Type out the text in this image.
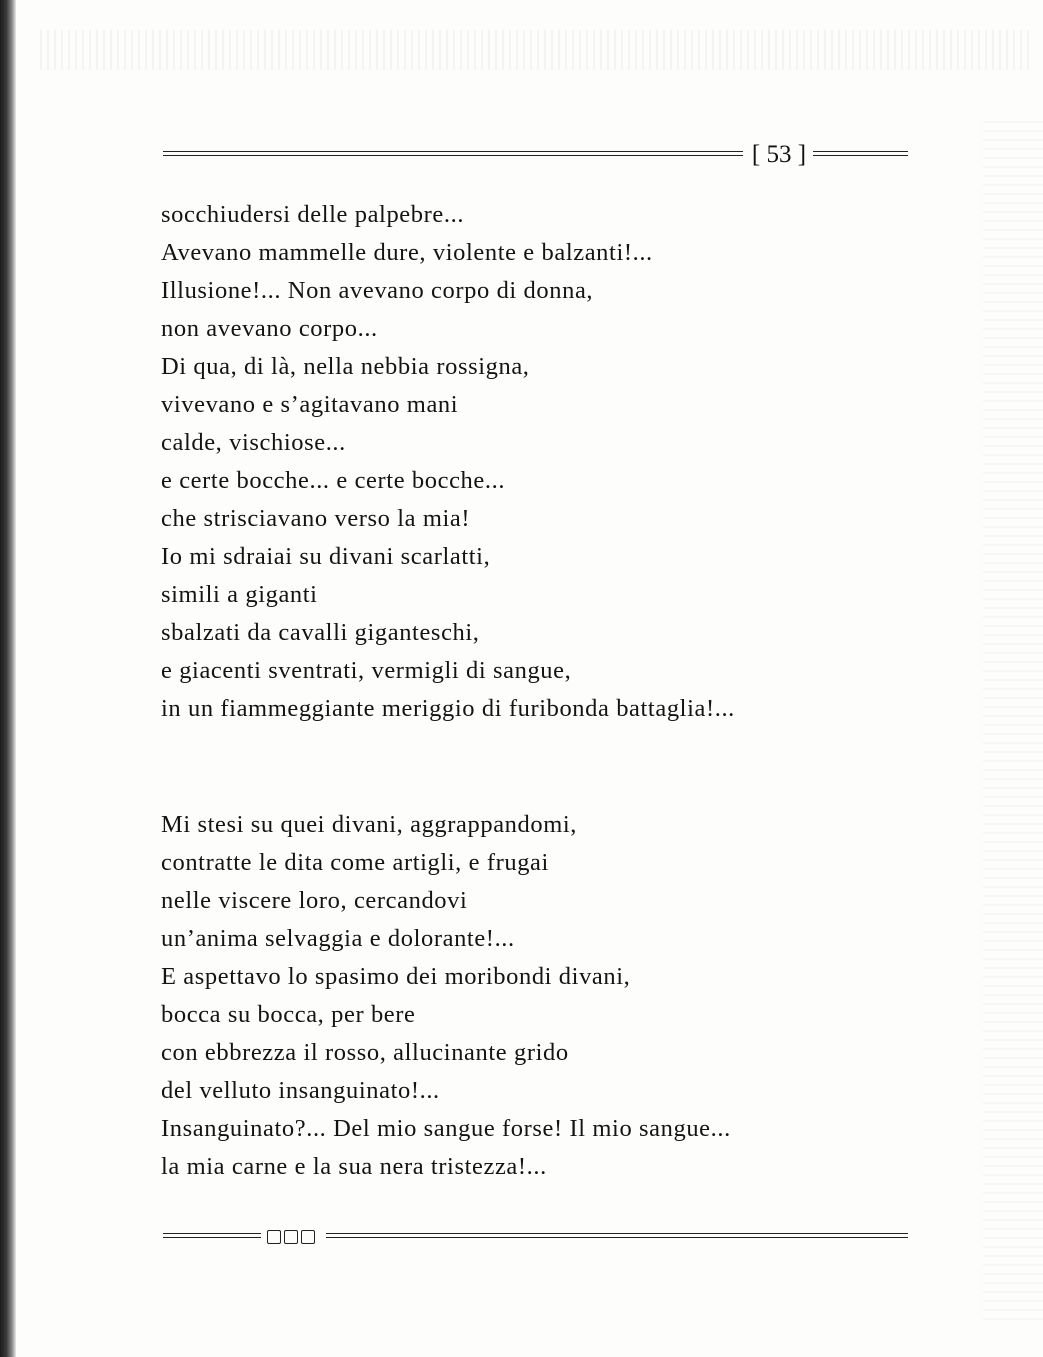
[ 53 ]
socchiudersi delle palpebre...
Avevano mammelle dure, violente e balzanti!...
Illusione!... Non avevano corpo di donna,
non avevano corpo...
Di qua, di là, nella nebbia rossigna,
vivevano e s’agitavano mani
calde, vischiose...
e certe bocche... e certe bocche...
che strisciavano verso la mia!
Io mi sdraiai su divani scarlatti,
simili a giganti
sbalzati da cavalli giganteschi,
e giacenti sventrati, vermigli di sangue,
in un fiammeggiante meriggio di furibonda battaglia!...
Mi stesi su quei divani, aggrappandomi,
contratte le dita come artigli, e frugai
nelle viscere loro, cercandovi
un’anima selvaggia e dolorante!...
E aspettavo lo spasimo dei moribondi divani,
bocca su bocca, per bere
con ebbrezza il rosso, allucinante grido
del velluto insanguinato!...
Insanguinato?... Del mio sangue forse! Il mio sangue...
la mia carne e la sua nera tristezza!...
